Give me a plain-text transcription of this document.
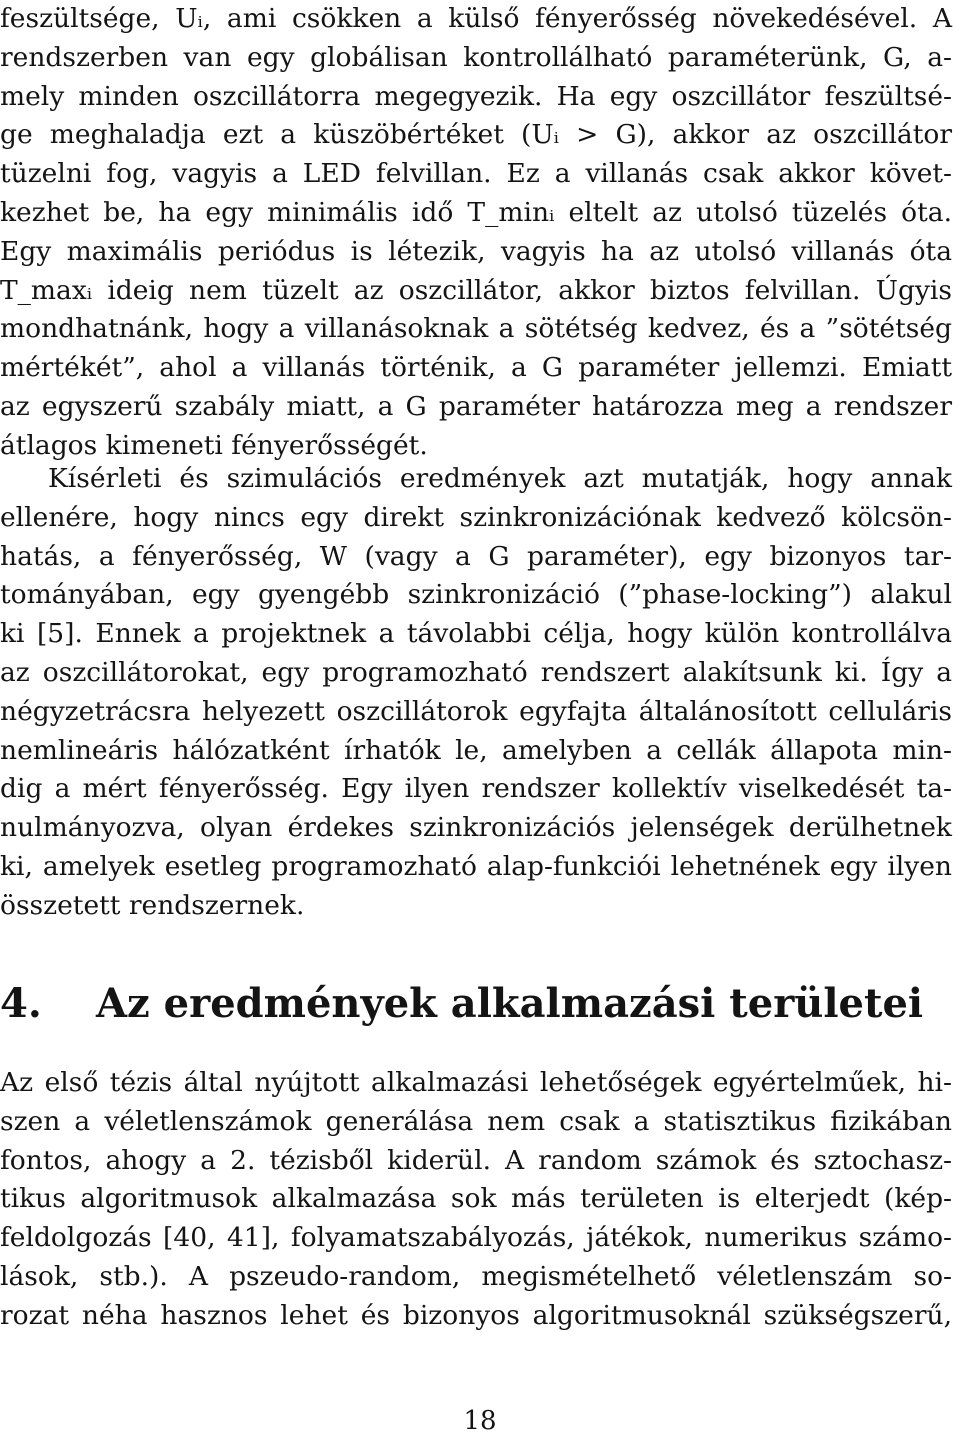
feszültsége, Uᵢ, ami csökken a külső fényerősség növekedésével. A
rendszerben van egy globálisan kontrollálható paraméterünk, G, a-
mely minden oszcillátorra megegyezik. Ha egy oszcillátor feszültsé-
ge meghaladja ezt a küszöbértéket (Uᵢ > G), akkor az oszcillátor
tüzelni fog, vagyis a LED felvillan. Ez a villanás csak akkor követ-
kezhet be, ha egy minimális idő T_minᵢ eltelt az utolsó tüzelés óta.
Egy maximális periódus is létezik, vagyis ha az utolsó villanás óta
T_maxᵢ ideig nem tüzelt az oszcillátor, akkor biztos felvillan. Úgyis
mondhatnánk, hogy a villanásoknak a sötétség kedvez, és a ”sötétség
mértékét”, ahol a villanás történik, a G paraméter jellemzi. Emiatt
az egyszerű szabály miatt, a G paraméter határozza meg a rendszer
átlagos kimeneti fényerősségét.

Kísérleti és szimulációs eredmények azt mutatják, hogy annak
ellenére, hogy nincs egy direkt szinkronizációnak kedvező kölcsön-
hatás, a fényerősség, W (vagy a G paraméter), egy bizonyos tar-
tományában, egy gyengébb szinkronizáció (”phase-locking”) alakul
ki [5]. Ennek a projektnek a távolabbi célja, hogy külön kontrollálva
az oszcillátorokat, egy programozható rendszert alakítsunk ki. Így a
négyzetrácsra helyezett oszcillátorok egyfajta általánosított celluláris
nemlineáris hálózatként írhatók le, amelyben a cellák állapota min-
dig a mért fényerősség. Egy ilyen rendszer kollektív viselkedését ta-
nulmányozva, olyan érdekes szinkronizációs jelenségek derülhetnek
ki, amelyek esetleg programozható alap-funkciói lehetnének egy ilyen
összetett rendszernek.

4. Az eredmények alkalmazási területei

Az első tézis által nyújtott alkalmazási lehetőségek egyértelműek, hi-
szen a véletlenszámok generálása nem csak a statisztikus fizikában
fontos, ahogy a 2. tézisből kiderül. A random számok és sztochasz-
tikus algoritmusok alkalmazása sok más területen is elterjedt (kép-
feldolgozás [40, 41], folyamatszabályozás, játékok, numerikus számo-
lások, stb.). A pszeudo-random, megismételhető véletlenszám so-
rozat néha hasznos lehet és bizonyos algoritmusoknál szükségszerű,

18
